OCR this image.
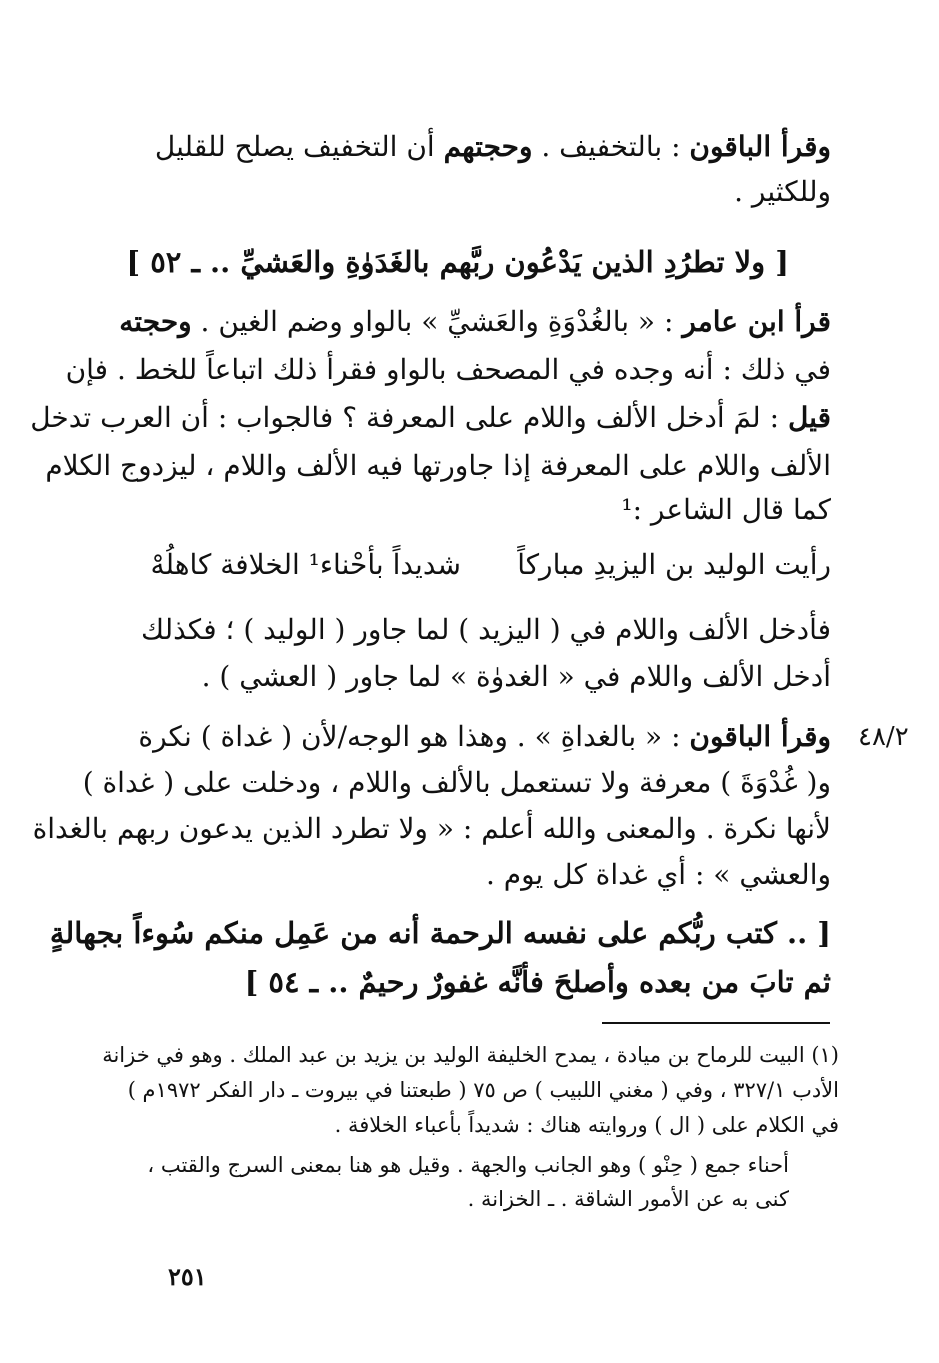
وقرأ الباقون : بالتخفيف . وحجتهم أن التخفيف يصلح للقليل
وللكثير .
[ ولا تطرُدِ الذين يَدْعُون ربَّهم بالغَدَوٰةِ والعَشيِّ .. ـ ٥٢ ]
قرأ ابن عامر : « بالغُدْوَةِ والعَشيِّ » بالواو وضم الغين . وحجته
في ذلك : أنه وجده في المصحف بالواو فقرأ ذلك اتباعاً للخط . فإن
قيل : لمَ أدخل الألف واللام على المعرفة ؟ فالجواب : أن العرب تدخل
الألف واللام على المعرفة إذا جاورتها فيه الألف واللام ، ليزدوج الكلام
كما قال الشاعر :¹
رأيت الوليد بن اليزيدِ مباركاً
شديداً بأحْناء¹ الخلافة كاهلُهْ
فأدخل الألف واللام في ( اليزيد ) لما جاور ( الوليد ) ؛ فكذلك
أدخل الألف واللام في « الغدوٰة » لما جاور ( العشي ) .
٤٨/٢
وقرأ الباقون : « بالغداةِ » . وهذا هو الوجه/لأن ( غداة ) نكرة
و( غُدْوَةَ ) معرفة ولا تستعمل بالألف واللام ، ودخلت على ( غداة )
لأنها نكرة . والمعنى والله أعلم : « ولا تطرد الذين يدعون ربهم بالغداة
والعشي » : أي غداة كل يوم .
[ .. كتب ربُّكم على نفسه الرحمة أنه من عَمِل منكم سُوءاً بجهالةٍ
ثم تابَ من بعده وأصلحَ فأنَّه غفورٌ رحيمٌ .. ـ ٥٤ ]
(١) البيت للرماح بن ميادة ، يمدح الخليفة الوليد بن يزيد بن عبد الملك . وهو في خزانة
الأدب ٣٢٧/١ ، وفي ( مغني اللبيب ) ص ٧٥ ( طبعتنا في بيروت ـ دار الفكر ١٩٧٢م )
في الكلام على ( ال ) وروايته هناك : شديداً بأعباء الخلافة .
أحناء جمع ( حِنْو ) وهو الجانب والجهة . وقيل هو هنا بمعنى السرج والقتب ،
كنى به عن الأمور الشاقة . ـ الخزانة .
٢٥١
